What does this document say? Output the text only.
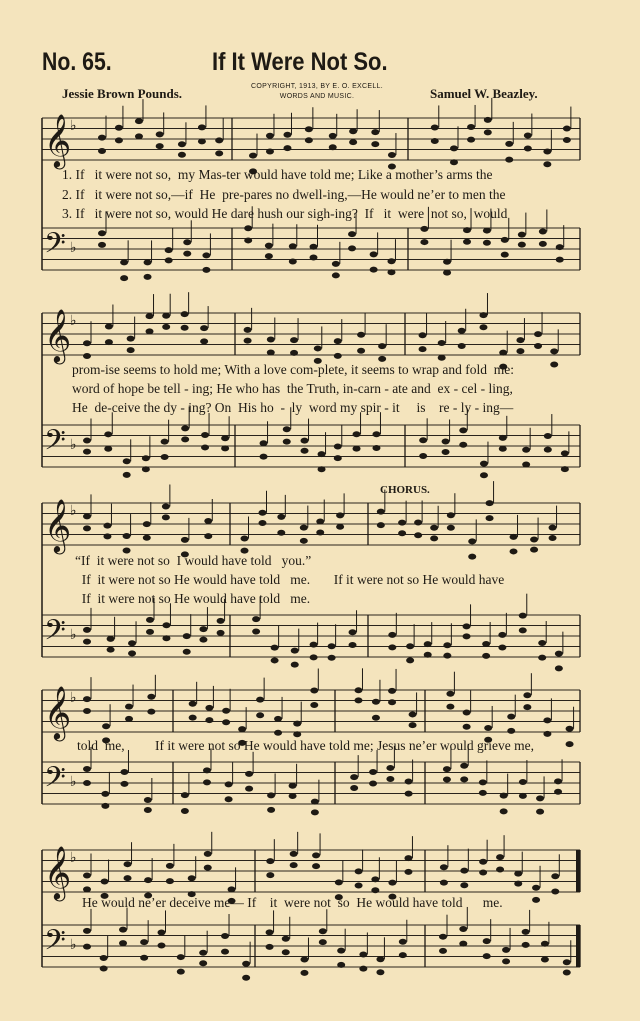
𝄞
♭
𝄢 ♭
𝄞
♭
𝄢 ♭
𝄞
♭
𝄢 ♭
𝄞
♭
𝄢 ♭
𝄞
♭
𝄢 ♭
No. 65.	If It Were Not So.
Jessie Brown Pounds.	COPYRIGHT, 1913, BY E. O. EXCELL.
WORDS AND MUSIC.	Samuel W. Beazley.
1. If   it were not so,  my Mas-ter would have told me; Like a mother’s arms the
2. If   it were not so,—if  He  pre-pares no dwell-ing,—He would ne’er to men the
3. If   it were not so, would He dare hush our sigh-ing?  If   it  were  not so,  would
prom-ise seems to hold me; With a love com-plete, it seems to wrap and fold  me:
word of hope be tell - ing; He who has  the Truth, in-carn - ate and  ex - cel - ling,
He  de-ceive the dy - ing? On  His ho  -  ly  word my spir - it     is    re - ly - ing—
CHORUS.
“If  it were not so  I would have told   you.”
If  it were not so He would have told   me.       If it were not so He would have
If  it were not so He would have told   me.
told  me,         If it were not so He would have told me; Jesus ne’er would grieve me,
He would ne’er deceive me— If    it  were not  so  He would have told      me.
